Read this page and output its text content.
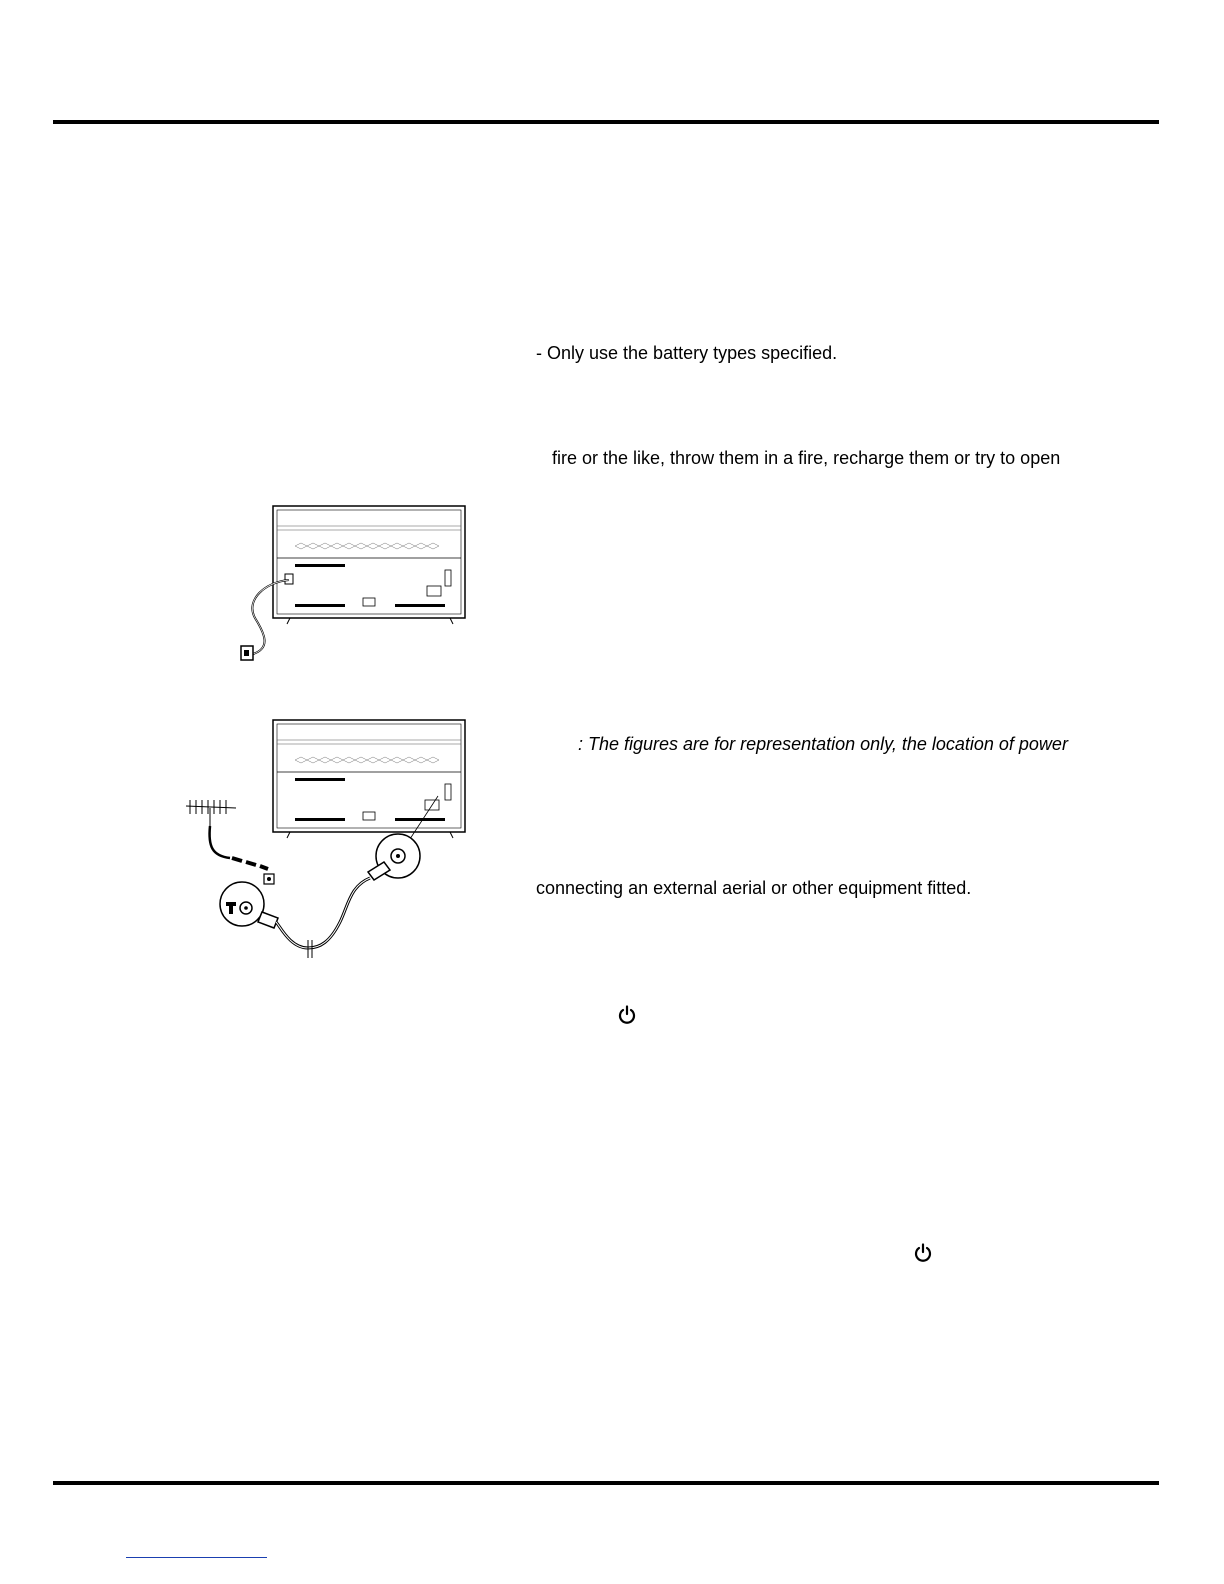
- Only use the battery types specified.
fire or the like, throw them in a fire, recharge them or try to open
: The figures are for representation only, the location of power
connecting an external aerial or other equipment fitted.
